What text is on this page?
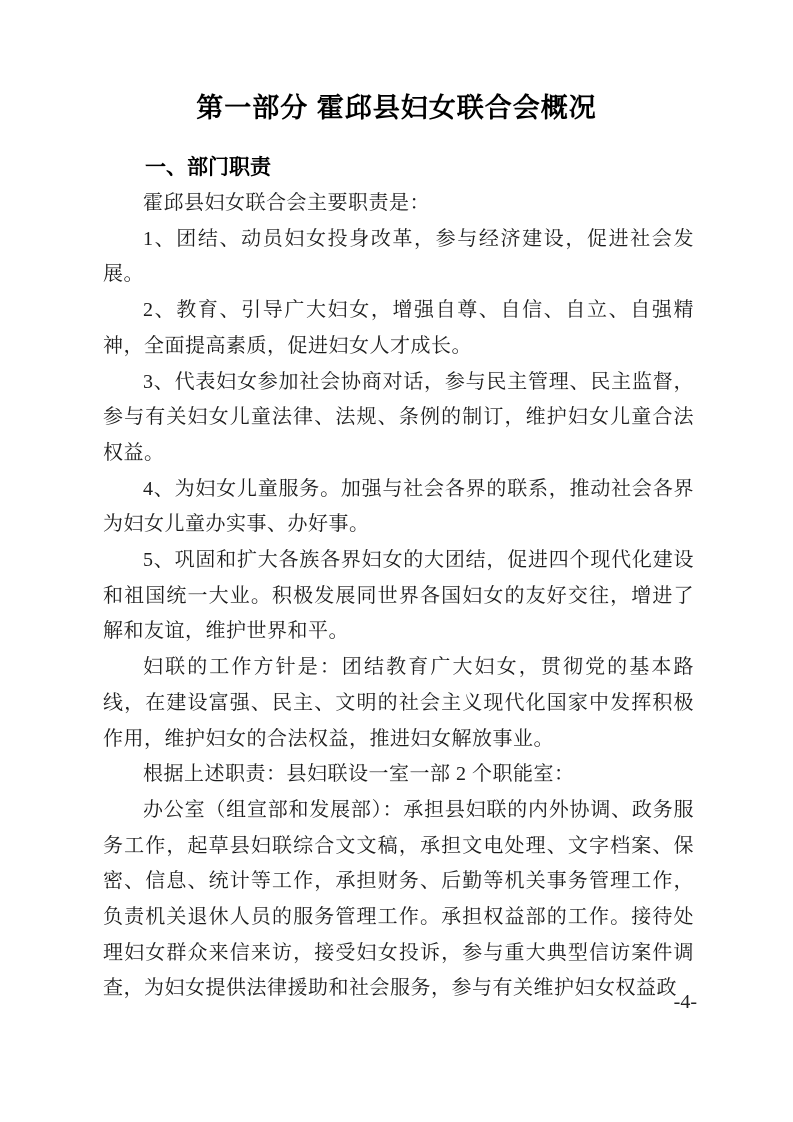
第一部分 霍邱县妇女联合会概况
一、部门职责

霍邱县妇女联合会主要职责是：

1、团结、动员妇女投身改革，参与经济建设，促进社会发展。

2、教育、引导广大妇女，增强自尊、自信、自立、自强精神，全面提高素质，促进妇女人才成长。

3、代表妇女参加社会协商对话，参与民主管理、民主监督，参与有关妇女儿童法律、法规、条例的制订，维护妇女儿童合法权益。

4、为妇女儿童服务。加强与社会各界的联系，推动社会各界为妇女儿童办实事、办好事。

5、巩固和扩大各族各界妇女的大团结，促进四个现代化建设和祖国统一大业。积极发展同世界各国妇女的友好交往，增进了解和友谊，维护世界和平。

妇联的工作方针是：团结教育广大妇女，贯彻党的基本路线，在建设富强、民主、文明的社会主义现代化国家中发挥积极作用，维护妇女的合法权益，推进妇女解放事业。

根据上述职责：县妇联设一室一部 2 个职能室：

办公室（组宣部和发展部）：承担县妇联的内外协调、政务服务工作，起草县妇联综合文文稿，承担文电处理、文字档案、保密、信息、统计等工作，承担财务、后勤等机关事务管理工作，负责机关退休人员的服务管理工作。承担权益部的工作。接待处理妇女群众来信来访，接受妇女投诉，参与重大典型信访案件调查，为妇女提供法律援助和社会服务，参与有关维护妇女权益政

-4-
